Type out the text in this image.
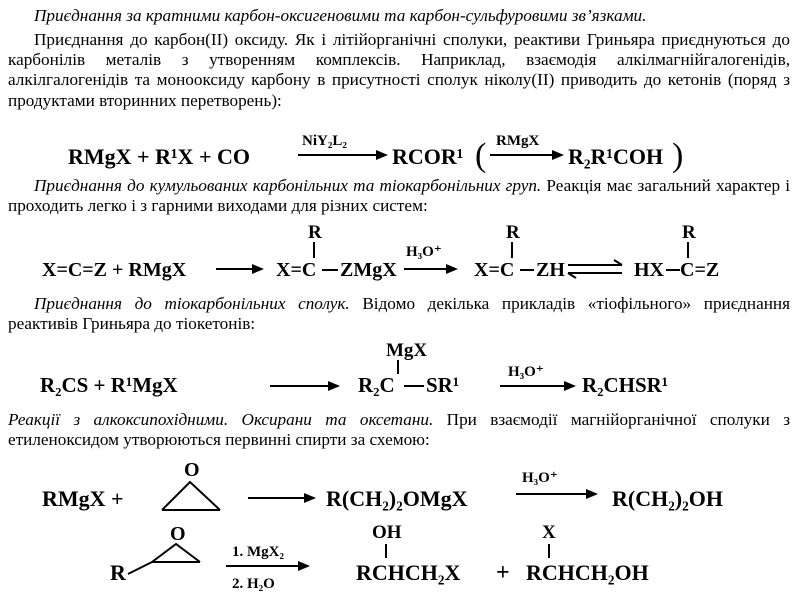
Приєднання за кратними карбон-оксигеновими та карбон-сульфуровими зв’язками.

Приєднання до карбон(II) оксиду. Як і літійорганічні сполуки, реактиви Гриньяра приєднуються до карбонілів металів з утворенням комплексів. Наприклад, взаємодія алкілмагнійгалогенідів, алкілгалогенідів та монооксиду карбону в присутності сполук ніколу(II) приводить до кетонів (поряд з продуктами вторинних перетворень):

RMgX + R¹X + CO
NiY₂L₂
RCOR¹ ( RMgX
R₂R¹COH )

Приєднання до кумульованих карбонільних та тіокарбонільних груп. Реакція має загальний характер і проходить легко і з гарними виходами для різних систем:

X=C=Z + RMgX
R
X=C ZMgX
H₃O⁺
R
X=C ZH
R
HX C=Z

Приєднання до тіокарбонільних сполук. Відомо декілька прикладів «тіофільного» приєднання реактивів Гриньяра до тіокетонів:

R₂CS + R¹MgX
MgX
R₂C SR¹
H₃O⁺
R₂CHSR¹

Реакції з алкоксипохідними. Оксирани та оксетани. При взаємодії магнійорганічної сполуки з етиленоксидом утворюються первинні спирти за схемою:

RMgX +
O
R(CH₂)₂OMgX
H₃O⁺
R(CH₂)₂OH
R
O
1. MgX₂
2. H₂O
OH
RCHCH₂X +
X
RCHCH₂OH
